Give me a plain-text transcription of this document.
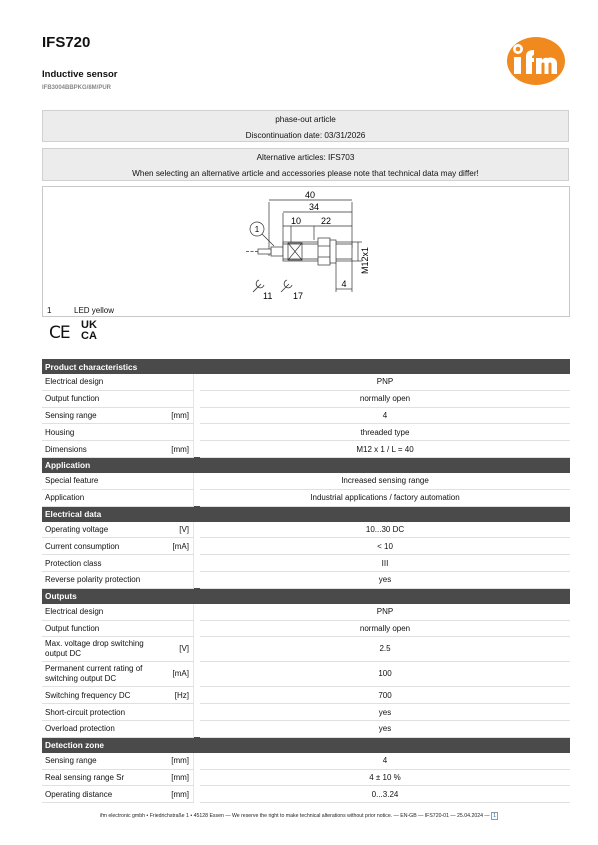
IFS720
Inductive sensor
IFB3004BBPKG/8M/PUR
phase-out article
Discontinuation date: 03/31/2026
Alternative articles: IFS703
When selecting an alternative article and accessories please note that technical data may differ!
40
34
10 22
1
M12x1
4
11 17
1	LED yellow
CE UK
CA
Product characteristics			
Electrical design			PNP
Output function			normally open
Sensing range	[mm]		4
Housing			threaded type
Dimensions	[mm]		M12 x 1 / L = 40
Application			
Special feature			Increased sensing range
Application			Industrial applications / factory automation
Electrical data			
Operating voltage	[V]		10...30 DC
Current consumption	[mA]		< 10
Protection class			III
Reverse polarity protection			yes
Outputs			
Electrical design			PNP
Output function			normally open
Max. voltage drop switching output DC	[V]		2.5
Permanent current rating of switching output DC	[mA]		100
Switching frequency DC	[Hz]		700
Short-circuit protection			yes
Overload protection			yes
Detection zone			
Sensing range	[mm]		4
Real sensing range Sr	[mm]		4 ± 10 %
Operating distance	[mm]		0...3.24
ifm electronic gmbh • Friedrichstraße 1 • 45128 Essen — We reserve the right to make technical alterations without prior notice. — EN-GB — IFS720-01 — 25.04.2024 — 1
